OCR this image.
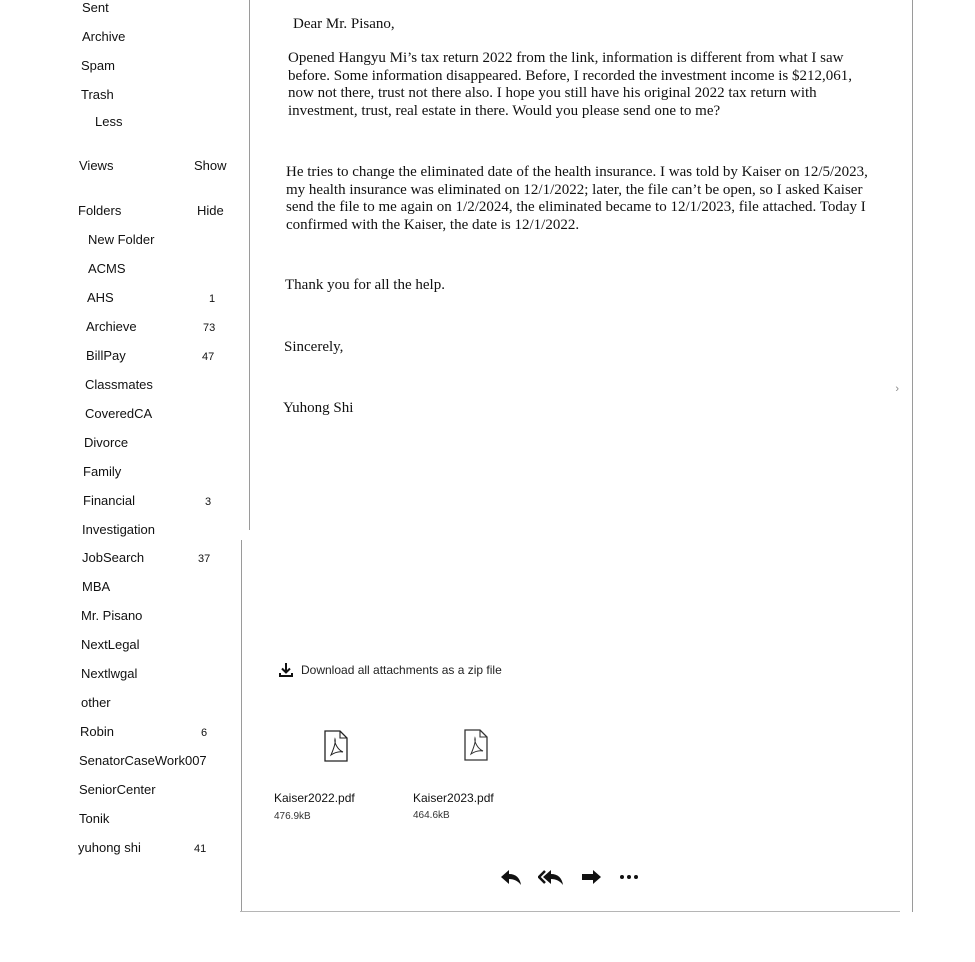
Sent
Archive
Spam
Trash
Less
Views	Show
Folders	Hide
New Folder
ACMS
AHS	1
Archieve	73
BillPay	47
Classmates
CoveredCA
Divorce
Family
Financial	3
Investigation
JobSearch	37
MBA
Mr. Pisano
NextLegal
Nextlwgal
other
Robin	6
SenatorCaseWork007
SeniorCenter
Tonik
yuhong shi	41
Dear Mr. Pisano,
Opened Hangyu Mi’s tax return 2022 from the link, information is different from what I saw before. Some information disappeared. Before, I recorded the investment income is $212,061, now not there, trust not there also. I hope you still have his original 2022 tax return with investment, trust, real estate in there. Would you please send one to me?
He tries to change the eliminated date of the health insurance. I was told by Kaiser on 12/5/2023, my health insurance was eliminated on 12/1/2022; later, the file can’t be open, so I asked Kaiser send the file to me again on 1/2/2024, the eliminated became to 12/1/2023, file attached. Today I confirmed with the Kaiser, the date is 12/1/2022.
Thank you for all the help.
Sincerely,
Yuhong Shi
›
Download all attachments as a zip file
Kaiser2022.pdf
476.9kB
Kaiser2023.pdf
464.6kB
